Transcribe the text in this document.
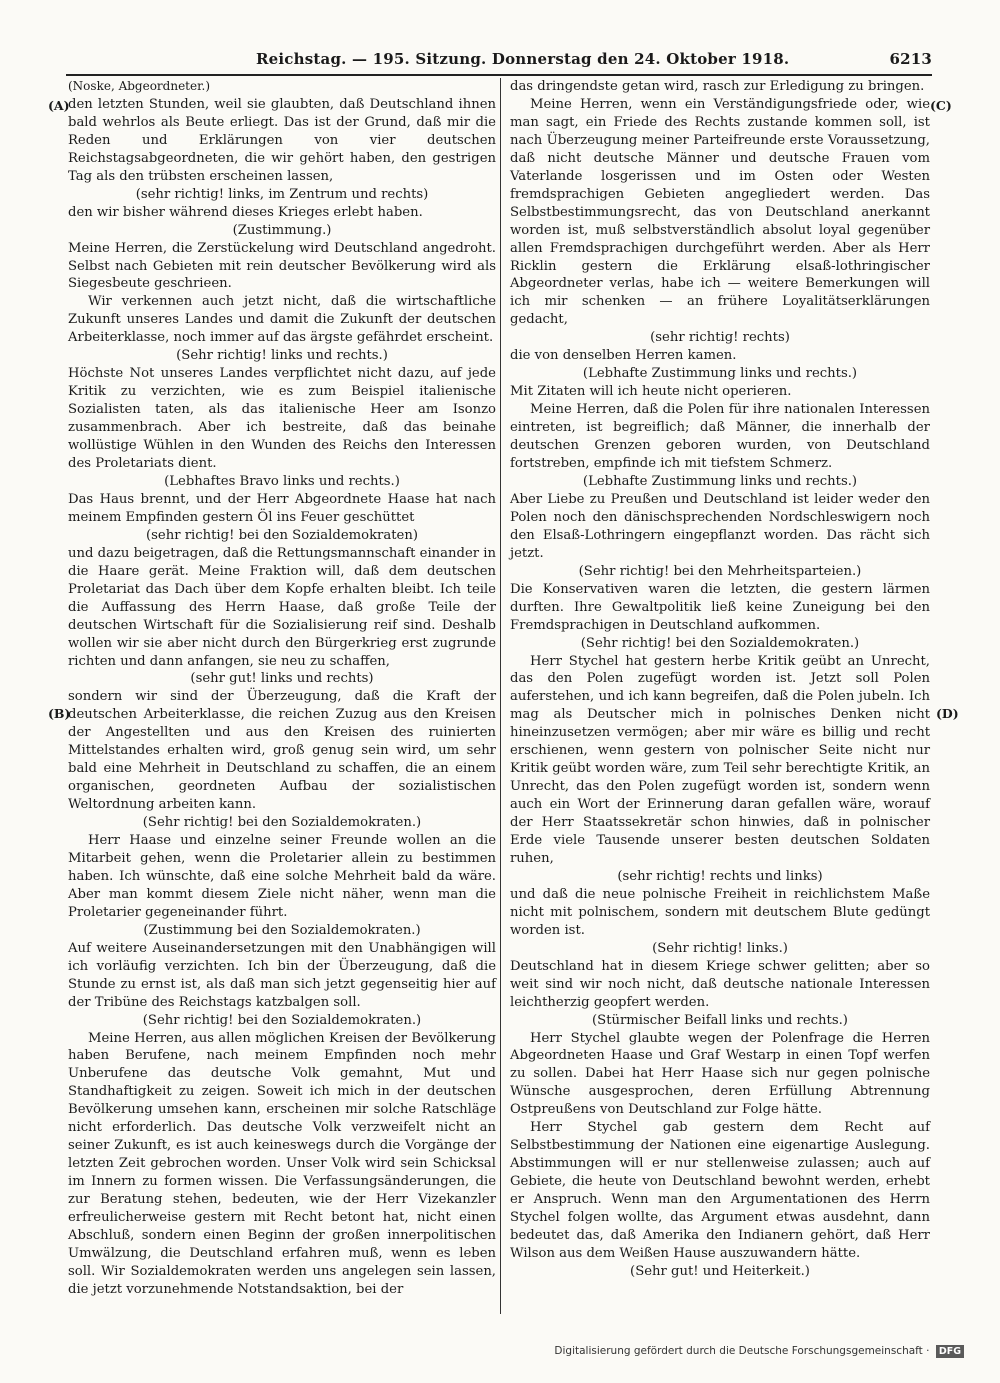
Reichstag. — 195. Sitzung. Donnerstag den 24. Oktober 1918.	6213
(A)
(B)
(C)
(D)

(Noske, Abgeordneter.)

den letzten Stunden, weil sie glaubten, daß Deutschland ihnen bald wehrlos als Beute erliegt. Das ist der Grund, daß mir die Reden und Erklärungen von vier deutschen Reichstagsabgeordneten, die wir gehört haben, den gestrigen Tag als den trübsten erscheinen lassen,

(sehr richtig! links, im Zentrum und rechts)

den wir bisher während dieses Krieges erlebt haben.

(Zustimmung.)

Meine Herren, die Zerstückelung wird Deutschland angedroht. Selbst nach Gebieten mit rein deutscher Bevölkerung wird als Siegesbeute geschrieen.

Wir verkennen auch jetzt nicht, daß die wirtschaftliche Zukunft unseres Landes und damit die Zukunft der deutschen Arbeiterklasse, noch immer auf das ärgste gefährdet erscheint.

(Sehr richtig! links und rechts.)

Höchste Not unseres Landes verpflichtet nicht dazu, auf jede Kritik zu verzichten, wie es zum Beispiel italienische Sozialisten taten, als das italienische Heer am Isonzo zusammenbrach. Aber ich bestreite, daß das beinahe wollüstige Wühlen in den Wunden des Reichs den Interessen des Proletariats dient.

(Lebhaftes Bravo links und rechts.)

Das Haus brennt, und der Herr Abgeordnete Haase hat nach meinem Empfinden gestern Öl ins Feuer geschüttet

(sehr richtig! bei den Sozialdemokraten)

und dazu beigetragen, daß die Rettungsmannschaft einander in die Haare gerät. Meine Fraktion will, daß dem deutschen Proletariat das Dach über dem Kopfe erhalten bleibt. Ich teile die Auffassung des Herrn Haase, daß große Teile der deutschen Wirtschaft für die Sozialisierung reif sind. Deshalb wollen wir sie aber nicht durch den Bürgerkrieg erst zugrunde richten und dann anfangen, sie neu zu schaffen,

(sehr gut! links und rechts)

sondern wir sind der Überzeugung, daß die Kraft der deutschen Arbeiterklasse, die reichen Zuzug aus den Kreisen der Angestellten und aus den Kreisen des ruinierten Mittelstandes erhalten wird, groß genug sein wird, um sehr bald eine Mehrheit in Deutschland zu schaffen, die an einem organischen, geordneten Aufbau der sozialistischen Weltordnung arbeiten kann.

(Sehr richtig! bei den Sozialdemokraten.)

Herr Haase und einzelne seiner Freunde wollen an die Mitarbeit gehen, wenn die Proletarier allein zu bestimmen haben. Ich wünschte, daß eine solche Mehrheit bald da wäre. Aber man kommt diesem Ziele nicht näher, wenn man die Proletarier gegeneinander führt.

(Zustimmung bei den Sozialdemokraten.)

Auf weitere Auseinandersetzungen mit den Unabhängigen will ich vorläufig verzichten. Ich bin der Überzeugung, daß die Stunde zu ernst ist, als daß man sich jetzt gegenseitig hier auf der Tribüne des Reichstags katzbalgen soll.

(Sehr richtig! bei den Sozialdemokraten.)

Meine Herren, aus allen möglichen Kreisen der Bevölkerung haben Berufene, nach meinem Empfinden noch mehr Unberufene das deutsche Volk gemahnt, Mut und Standhaftigkeit zu zeigen. Soweit ich mich in der deutschen Bevölkerung umsehen kann, erscheinen mir solche Ratschläge nicht erforderlich. Das deutsche Volk verzweifelt nicht an seiner Zukunft, es ist auch keineswegs durch die Vorgänge der letzten Zeit gebrochen worden. Unser Volk wird sein Schicksal im Innern zu formen wissen. Die Verfassungsänderungen, die zur Beratung stehen, bedeuten, wie der Herr Vizekanzler erfreulicherweise gestern mit Recht betont hat, nicht einen Abschluß, sondern einen Beginn der großen innerpolitischen Umwälzung, die Deutschland erfahren muß, wenn es leben soll. Wir Sozialdemokraten werden uns angelegen sein lassen, die jetzt vorzunehmende Notstandsaktion, bei der

das dringendste getan wird, rasch zur Erledigung zu bringen.

Meine Herren, wenn ein Verständigungsfriede oder, wie man sagt, ein Friede des Rechts zustande kommen soll, ist nach Überzeugung meiner Parteifreunde erste Voraussetzung, daß nicht deutsche Männer und deutsche Frauen vom Vaterlande losgerissen und im Osten oder Westen fremdsprachigen Gebieten angegliedert werden. Das Selbstbestimmungsrecht, das von Deutschland anerkannt worden ist, muß selbstverständlich absolut loyal gegenüber allen Fremdsprachigen durchgeführt werden. Aber als Herr Ricklin gestern die Erklärung elsaß-lothringischer Abgeordneter verlas, habe ich — weitere Bemerkungen will ich mir schenken — an frühere Loyalitätserklärungen gedacht,

(sehr richtig! rechts)

die von denselben Herren kamen.

(Lebhafte Zustimmung links und rechts.)

Mit Zitaten will ich heute nicht operieren.

Meine Herren, daß die Polen für ihre nationalen Interessen eintreten, ist begreiflich; daß Männer, die innerhalb der deutschen Grenzen geboren wurden, von Deutschland fortstreben, empfinde ich mit tiefstem Schmerz.

(Lebhafte Zustimmung links und rechts.)

Aber Liebe zu Preußen und Deutschland ist leider weder den Polen noch den dänischsprechenden Nordschleswigern noch den Elsaß-Lothringern eingepflanzt worden. Das rächt sich jetzt.

(Sehr richtig! bei den Mehrheitsparteien.)

Die Konservativen waren die letzten, die gestern lärmen durften. Ihre Gewaltpolitik ließ keine Zuneigung bei den Fremdsprachigen in Deutschland aufkommen.

(Sehr richtig! bei den Sozialdemokraten.)

Herr Stychel hat gestern herbe Kritik geübt an Unrecht, das den Polen zugefügt worden ist. Jetzt soll Polen auferstehen, und ich kann begreifen, daß die Polen jubeln. Ich mag als Deutscher mich in polnisches Denken nicht hineinzusetzen vermögen; aber mir wäre es billig und recht erschienen, wenn gestern von polnischer Seite nicht nur Kritik geübt worden wäre, zum Teil sehr berechtigte Kritik, an Unrecht, das den Polen zugefügt worden ist, sondern wenn auch ein Wort der Erinnerung daran gefallen wäre, worauf der Herr Staatssekretär schon hinwies, daß in polnischer Erde viele Tausende unserer besten deutschen Soldaten ruhen,

(sehr richtig! rechts und links)

und daß die neue polnische Freiheit in reichlichstem Maße nicht mit polnischem, sondern mit deutschem Blute gedüngt worden ist.

(Sehr richtig! links.)

Deutschland hat in diesem Kriege schwer gelitten; aber so weit sind wir noch nicht, daß deutsche nationale Interessen leichtherzig geopfert werden.

(Stürmischer Beifall links und rechts.)

Herr Stychel glaubte wegen der Polenfrage die Herren Abgeordneten Haase und Graf Westarp in einen Topf werfen zu sollen. Dabei hat Herr Haase sich nur gegen polnische Wünsche ausgesprochen, deren Erfüllung Abtrennung Ostpreußens von Deutschland zur Folge hätte.

Herr Stychel gab gestern dem Recht auf Selbstbestimmung der Nationen eine eigenartige Auslegung. Abstimmungen will er nur stellenweise zulassen; auch auf Gebiete, die heute von Deutschland bewohnt werden, erhebt er Anspruch. Wenn man den Argumentationen des Herrn Stychel folgen wollte, das Argument etwas ausdehnt, dann bedeutet das, daß Amerika den Indianern gehört, daß Herr Wilson aus dem Weißen Hause auszuwandern hätte.

(Sehr gut! und Heiterkeit.)

Digitalisierung gefördert durch die Deutsche Forschungsgemeinschaft · DFG
